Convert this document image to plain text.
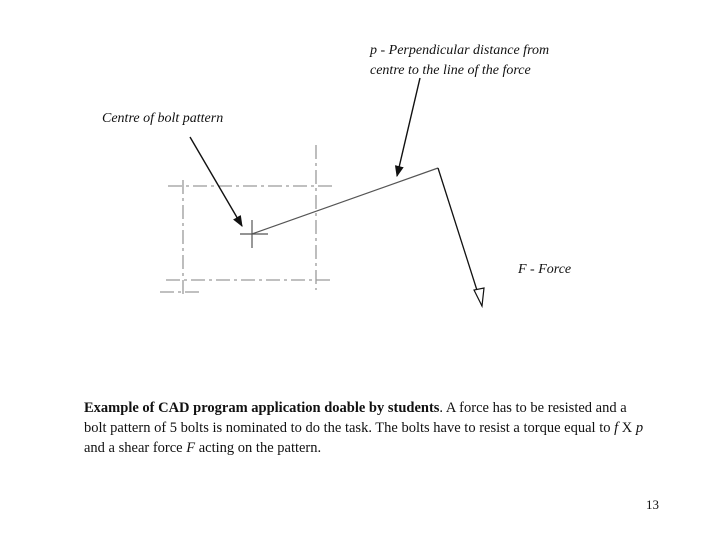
p - Perpendicular distance from
centre to the line of the force
Centre of bolt pattern
F - Force
Example of CAD program application doable by students. A force has to be resisted and a bolt pattern of 5 bolts is nominated to do the task. The bolts have to resist a torque equal to f X p and a shear force F acting on the pattern.
13
